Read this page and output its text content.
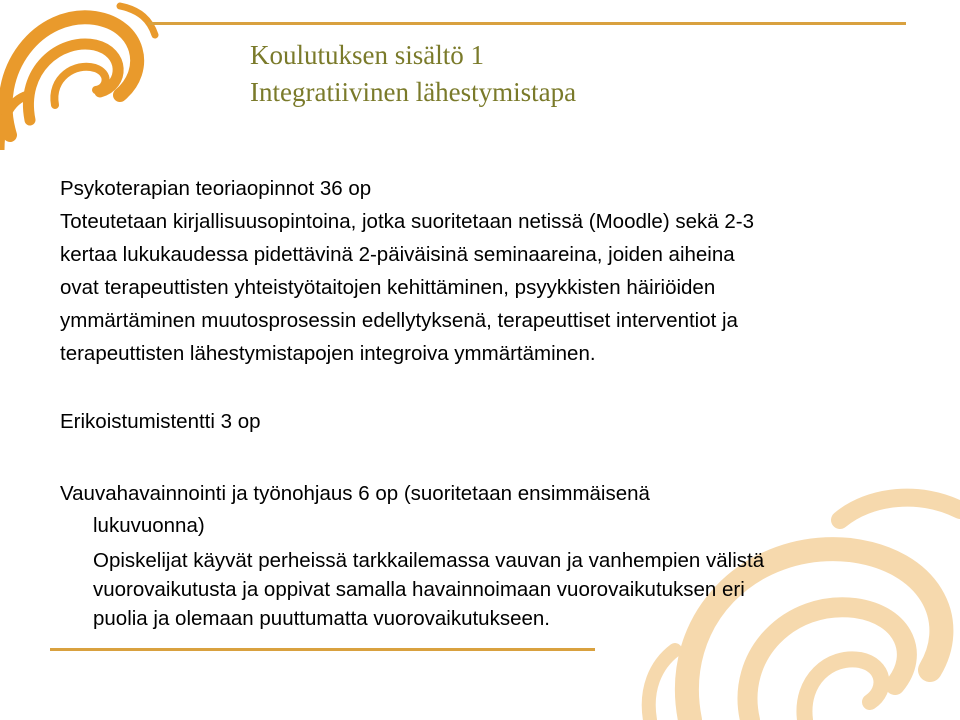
Koulutuksen sisältö 1
Integratiivinen lähestymistapa
Psykoterapian teoriaopinnot 36 op
Toteutetaan kirjallisuusopintoina, jotka suoritetaan netissä (Moodle) sekä 2-3
kertaa lukukaudessa pidettävinä 2-päiväisinä seminaareina, joiden aiheina
ovat terapeuttisten yhteistyötaitojen kehittäminen, psyykkisten häiriöiden
ymmärtäminen muutosprosessin edellytyksenä, terapeuttiset interventiot ja
terapeuttisten lähestymistapojen integroiva ymmärtäminen.
Erikoistumistentti 3 op
Vauvahavainnointi ja työnohjaus 6 op (suoritetaan ensimmäisenä
lukuvuonna)
Opiskelijat käyvät perheissä tarkkailemassa vauvan ja vanhempien välistä
vuorovaikutusta ja oppivat samalla havainnoimaan vuorovaikutuksen eri
puolia ja olemaan puuttumatta vuorovaikutukseen.
